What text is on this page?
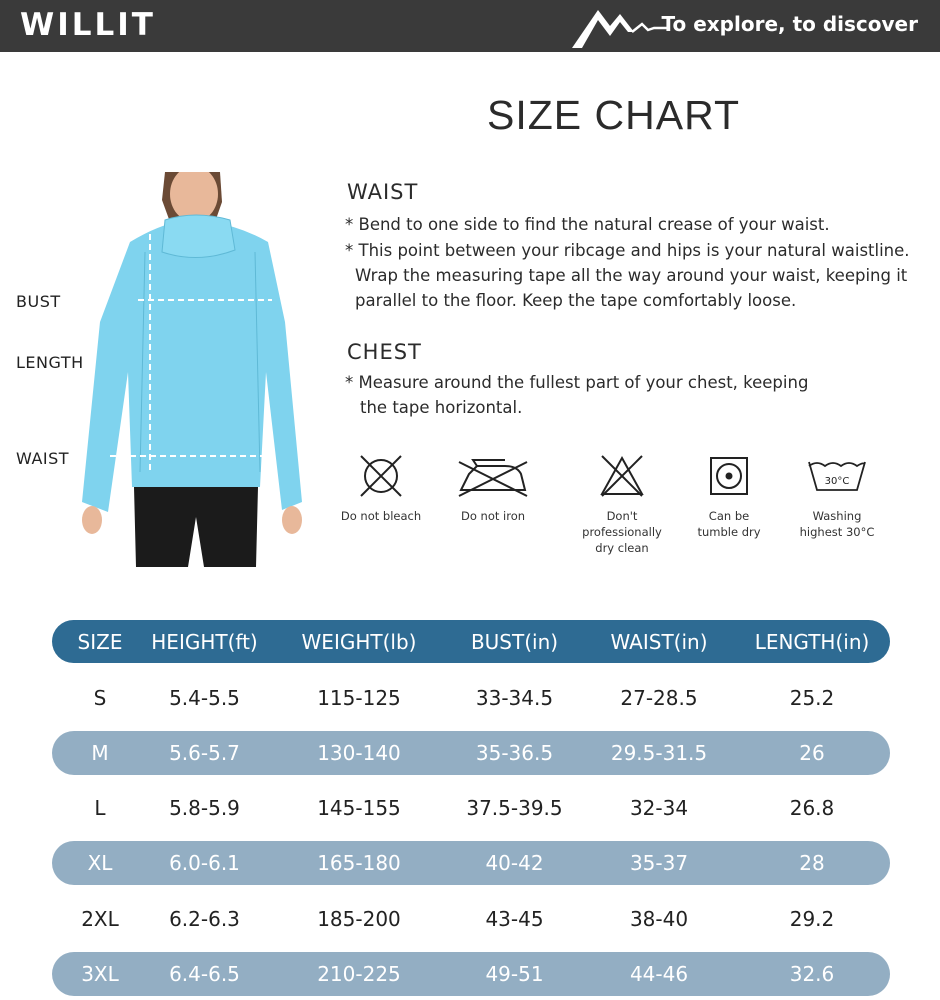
WILLIT	To explore, to discover
SIZE CHART
BUST
LENGTH
WAIST
WAIST
* Bend to one side to find the natural crease of your waist.
* This point between your ribcage and hips is your natural waistline.
Wrap the measuring tape all the way around your waist, keeping it
parallel to the floor. Keep the tape comfortably loose.
CHEST
* Measure around the fullest part of your chest, keeping
the tape horizontal.
Do not bleach	Do not iron	Don't professionally
dry clean
Can be
tumble dry
30°C
Washing
highest 30°C
SIZE	HEIGHT(ft)	WEIGHT(lb)	BUST(in)	WAIST(in)	LENGTH(in)
S	5.4-5.5	115-125	33-34.5	27-28.5	25.2
M	5.6-5.7	130-140	35-36.5	29.5-31.5	26
L	5.8-5.9	145-155	37.5-39.5	32-34	26.8
XL	6.0-6.1	165-180	40-42	35-37	28
2XL	6.2-6.3	185-200	43-45	38-40	29.2
3XL	6.4-6.5	210-225	49-51	44-46	32.6
